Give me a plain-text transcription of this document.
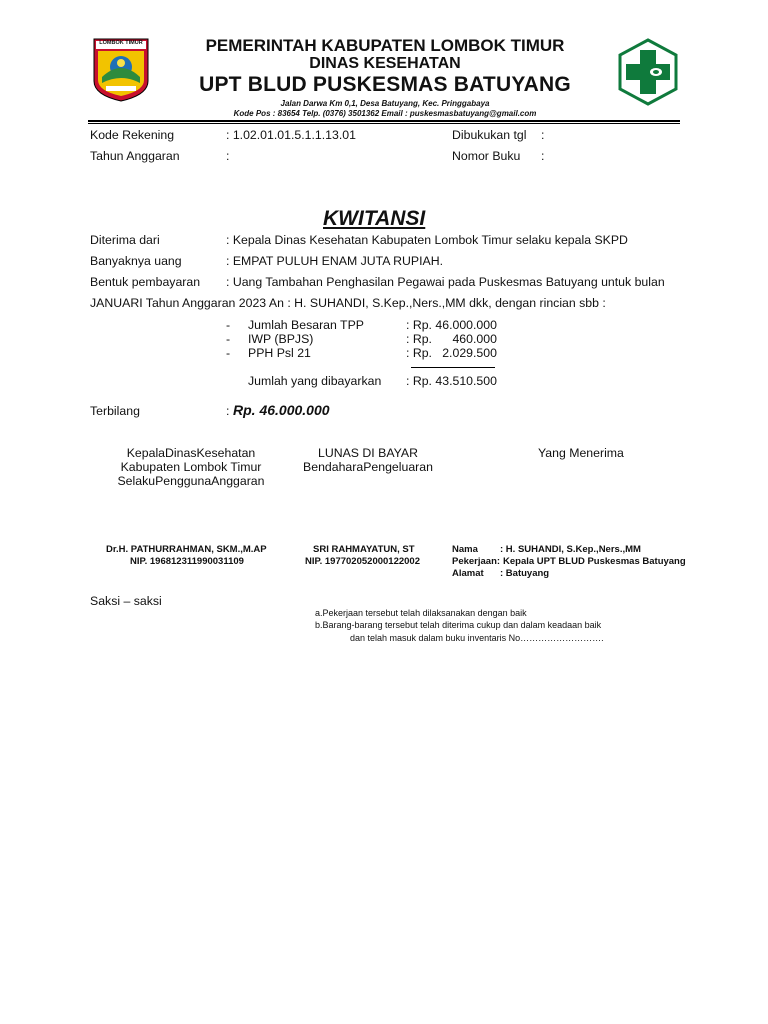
LOMBOK TIMUR	PEMERINTAH KABUPATEN LOMBOK TIMUR
DINAS KESEHATAN
UPT BLUD PUSKESMAS BATUYANG
Jalan Darwa Km 0,1, Desa Batuyang, Kec. Pringgabaya
Kode Pos : 83654 Telp. (0376) 3501362 Email : puskesmasbatuyang@gmail.com
Kode Rekening	: 1.02.01.01.5.1.1.13.01
Tahun Anggaran	:
Dibukukan tgl :
Nomor Buku :
KWITANSI
Diterima dari	: Kepala Dinas Kesehatan Kabupaten Lombok Timur selaku kepala SKPD
Banyaknya uang	: EMPAT PULUH ENAM JUTA RUPIAH.
Bentuk pembayaran : Uang Tambahan Penghasilan Pegawai pada Puskesmas Batuyang untuk bulan
JANUARI Tahun Anggaran 2023 An : H. SUHANDI, S.Kep.,Ners.,MM dkk, dengan rincian sbb :
- Jumlah Besaran TPP	: Rp. 46.000.000
- IWP (BPJS)	: Rp.      460.000
- PPH Psl 21	: Rp.   2.029.500
Jumlah yang dibayarkan : Rp. 43.510.500
Terbilang	: Rp. 46.000.000
KepalaDinasKesehatan
Kabupaten Lombok Timur
SelakuPenggunaAnggaran
LUNAS DI BAYAR
BendaharaPengeluaran
Yang Menerima
Dr.H. PATHURRAHMAN, SKM.,M.AP
NIP. 196812311990031109
SRI RAHMAYATUN, ST
NIP. 197702052000122002
Nama : H. SUHANDI, S.Kep.,Ners.,MM
Pekerjaan: Kepala UPT BLUD Puskesmas Batuyang
Alamat : Batuyang
Saksi – saksi
a.Pekerjaan tersebut telah dilaksanakan dengan baik
b.Barang-barang tersebut telah diterima cukup dan dalam keadaan baik
dan telah masuk dalam buku inventaris No……………………….
